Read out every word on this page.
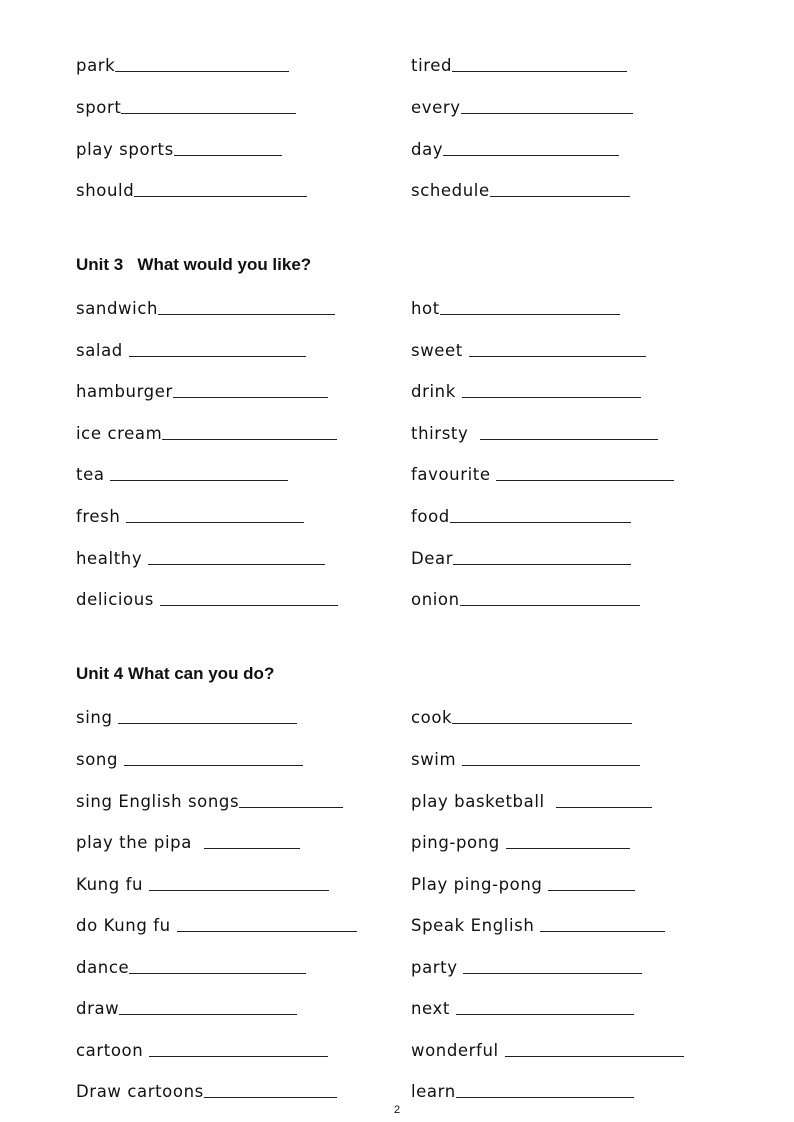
park	tired
sport	every
play sports	day
should	schedule
Unit 3   What would you like?
sandwich	hot
salad	sweet
hamburger	drink
ice cream	thirsty
tea	favourite
fresh	food
healthy	Dear
delicious	onion
Unit 4 What can you do?
sing	cook
song	swim
sing English songs	play basketball
play the pipa	ping-pong
Kung fu	Play ping-pong
do Kung fu	Speak English
dance	party
draw	next
cartoon	wonderful
Draw cartoons	learn
2
